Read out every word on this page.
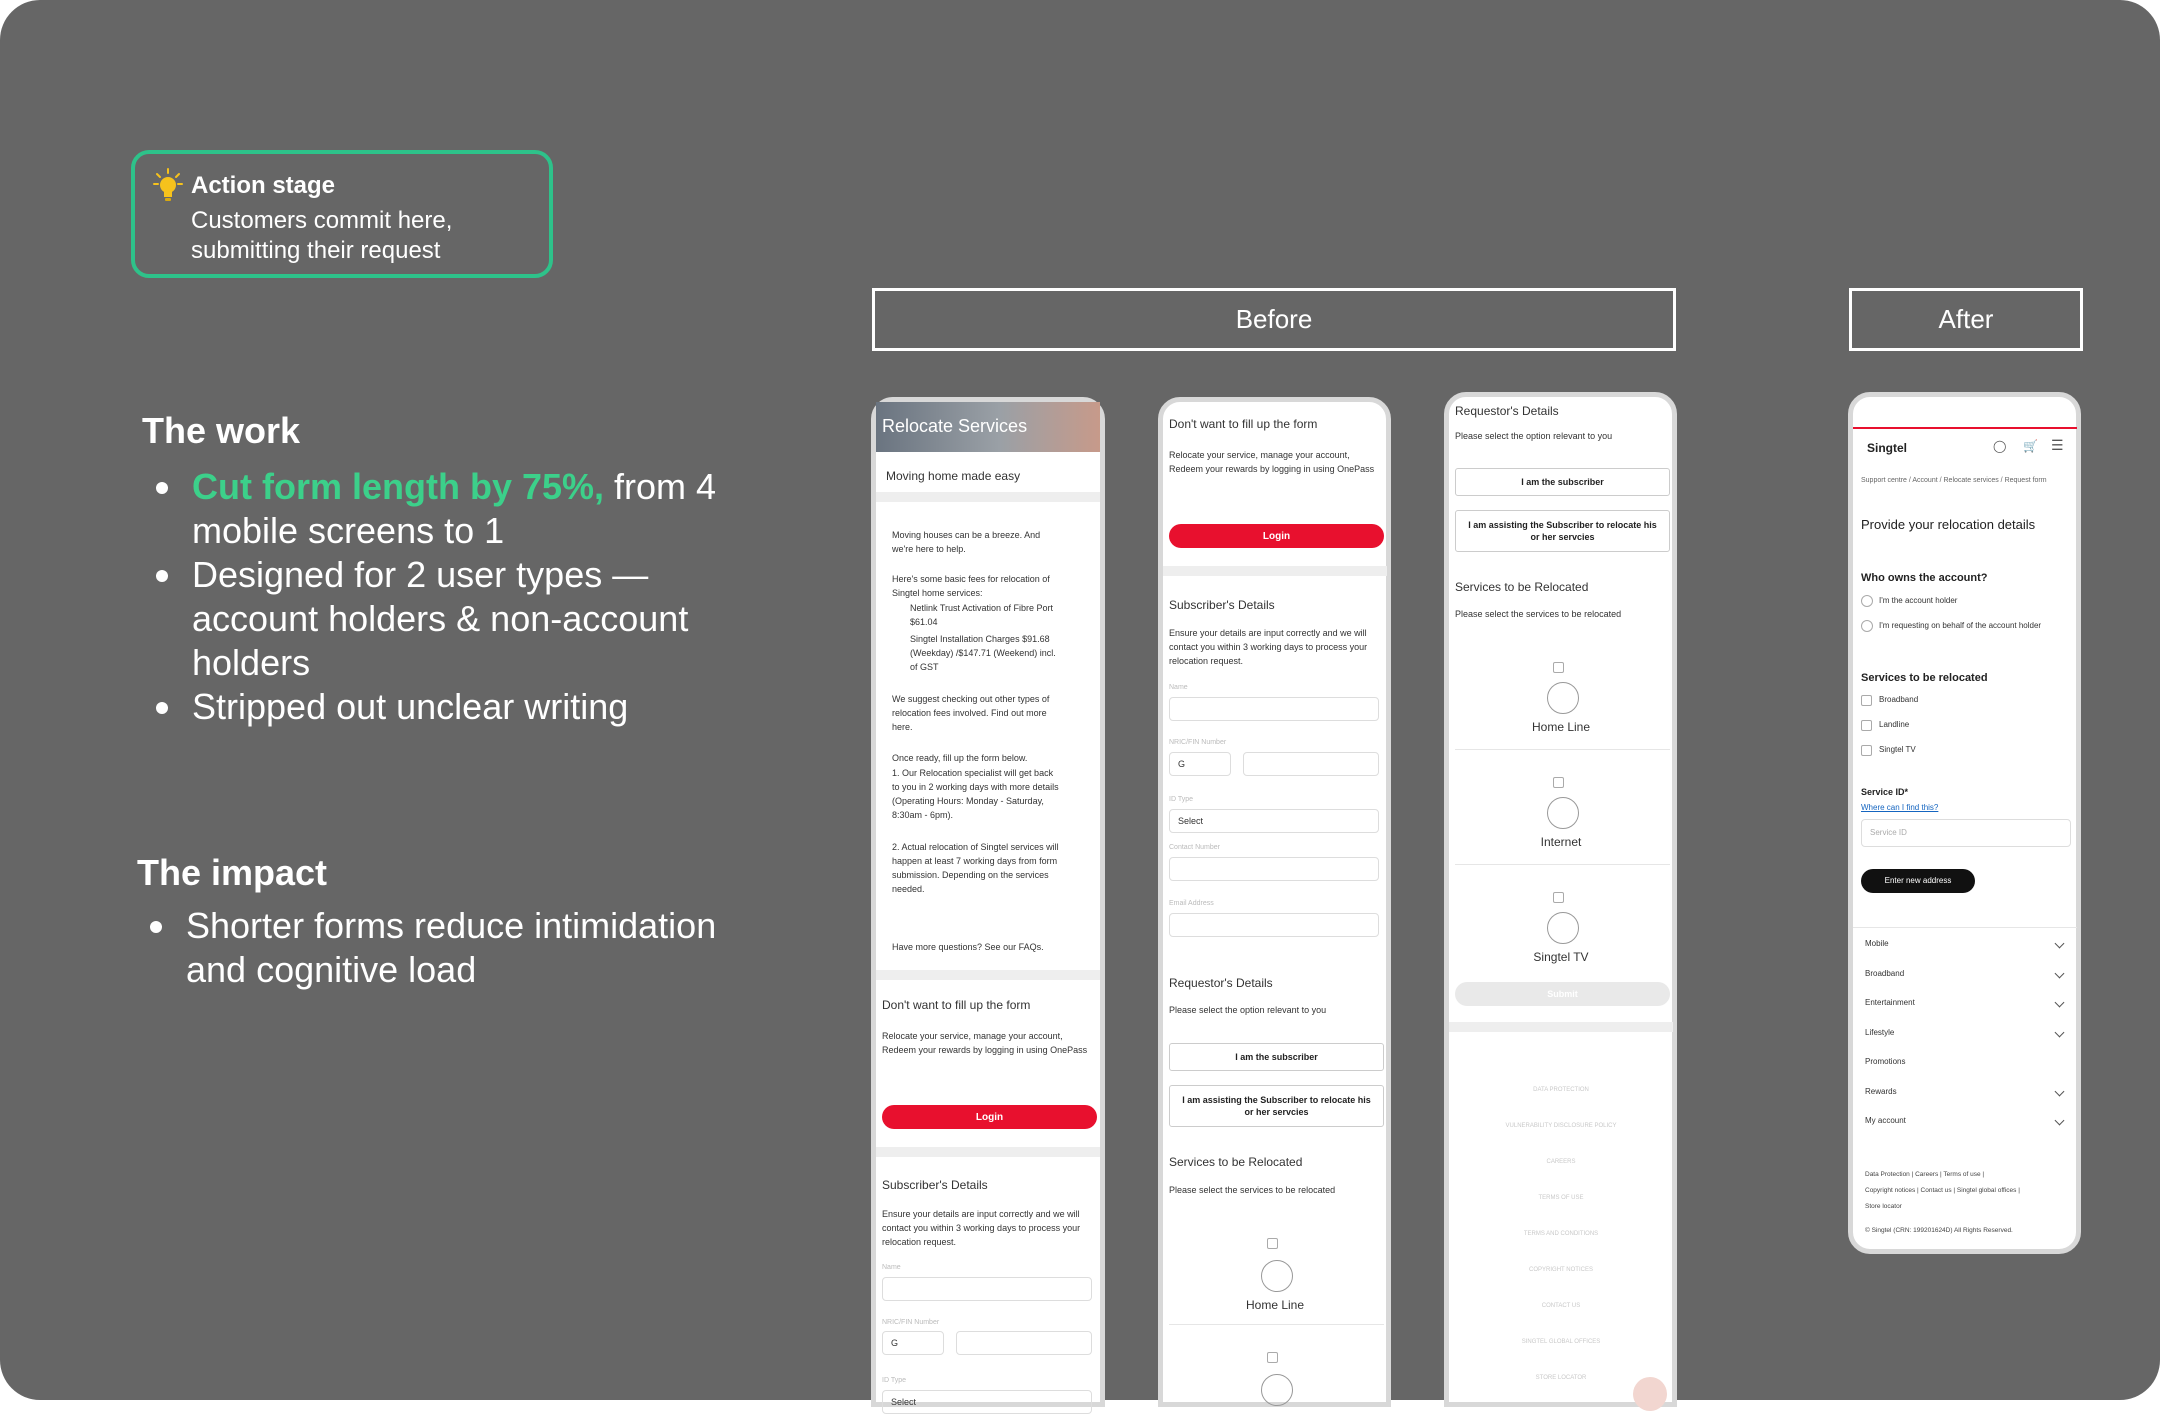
Action stage
Customers commit here, submitting their request
The work
Cut form length by 75%, from 4 mobile screens to 1
Designed for 2 user types — account holders & non-account holders
Stripped out unclear writing
The impact
Shorter forms reduce intimidation and cognitive load
Before	After
Relocate Services
Moving home made easy
Moving houses can be a breeze. And we're here to help.
Here's some basic fees for relocation of Singtel home services:
Netlink Trust Activation of Fibre Port $61.04
Singtel Installation Charges $91.68 (Weekday) /$147.71 (Weekend) incl. of GST
We suggest checking out other types of relocation fees involved. Find out more here.
Once ready, fill up the form below.
1. Our Relocation specialist will get back to you in 2 working days with more details (Operating Hours: Monday - Saturday, 8:30am - 6pm).
2. Actual relocation of Singtel services will happen at least 7 working days from form submission. Depending on the services needed.
Have more questions? See our FAQs.
Don't want to fill up the form
Relocate your service, manage your account, Redeem your rewards by logging in using OnePass
Login
Subscriber's Details
Ensure your details are input correctly and we will contact you within 3 working days to process your relocation request.
Name
NRIC/FIN Number
G
ID Type
Select
Don't want to fill up the form
Relocate your service, manage your account, Redeem your rewards by logging in using OnePass
Login
Subscriber's Details
Ensure your details are input correctly and we will contact you within 3 working days to process your relocation request.
Name
NRIC/FIN Number
G
ID Type
Select
Contact Number
Email Address
Requestor's Details
Please select the option relevant to you
I am the subscriber
I am assisting the Subscriber to relocate his or her servcies
Services to be Relocated
Please select the services to be relocated
Home Line
Requestor's Details
Please select the option relevant to you
I am the subscriber
I am assisting the Subscriber to relocate his or her servcies
Services to be Relocated
Please select the services to be relocated
Home Line
Internet
Singtel TV
Submit
DATA PROTECTION
VULNERABILITY DISCLOSURE POLICY
CAREERS
TERMS OF USE
TERMS AND CONDITIONS
COPYRIGHT NOTICES
CONTACT US
SINGTEL GLOBAL OFFICES
STORE LOCATOR
Singtel	◯ 🛒 ☰
Support centre / Account / Relocate services / Request form
Provide your relocation details
Who owns the account?
I'm the account holder
I'm requesting on behalf of the account holder
Services to be relocated
Broadband
Landline
Singtel TV
Service ID*
Where can I find this?
Service ID
Enter new address
Mobile
Broadband
Entertainment
Lifestyle
Promotions
Rewards
My account
Data Protection | Careers | Terms of use |
Copyright notices | Contact us | Singtel global offices |
Store locator
© Singtel (CRN: 199201624D) All Rights Reserved.
